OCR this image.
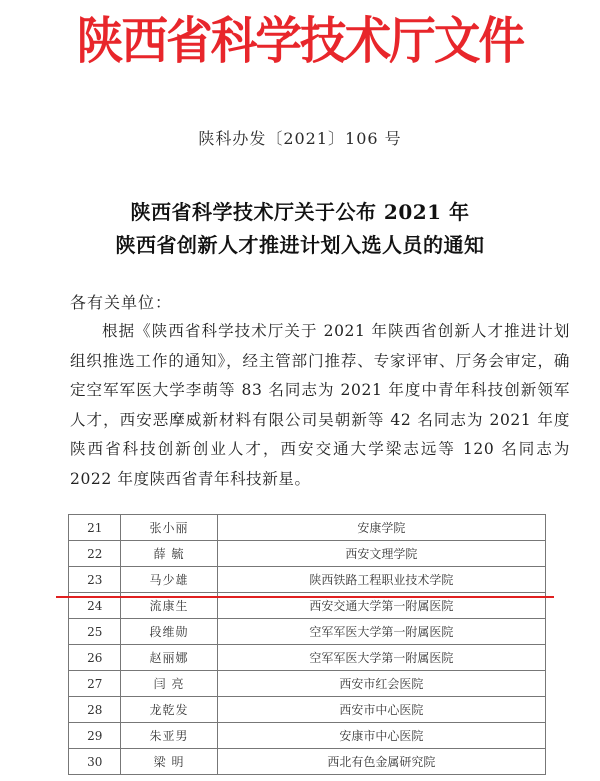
陕西省科学技术厅文件
陕科办发〔2021〕106 号
陕西省科学技术厅关于公布 2021 年
陕西省创新人才推进计划入选人员的通知
各有关单位：
根据《陕西省科学技术厅关于 2021 年陕西省创新人才推进计划组织推选工作的通知》，经主管部门推荐、专家评审、厅务会审定，确定空军军医大学李萌等 83 名同志为 2021 年度中青年科技创新领军人才，西安恶摩威新材料有限公司吴朝新等 42 名同志为 2021 年度陕西省科技创新创业人才，西安交通大学梁志远等 120 名同志为 2022 年度陕西省青年科技新星。
21	张小丽	安康学院
22	薛 毓	西安文理学院
23	马少雄	陕西铁路工程职业技术学院
24	流康生	西安交通大学第一附属医院
25	段维勋	空军军医大学第一附属医院
26	赵丽娜	空军军医大学第一附属医院
27	闫 亮	西安市红会医院
28	龙乾发	西安市中心医院
29	朱亚男	安康市中心医院
30	梁 明	西北有色金属研究院
